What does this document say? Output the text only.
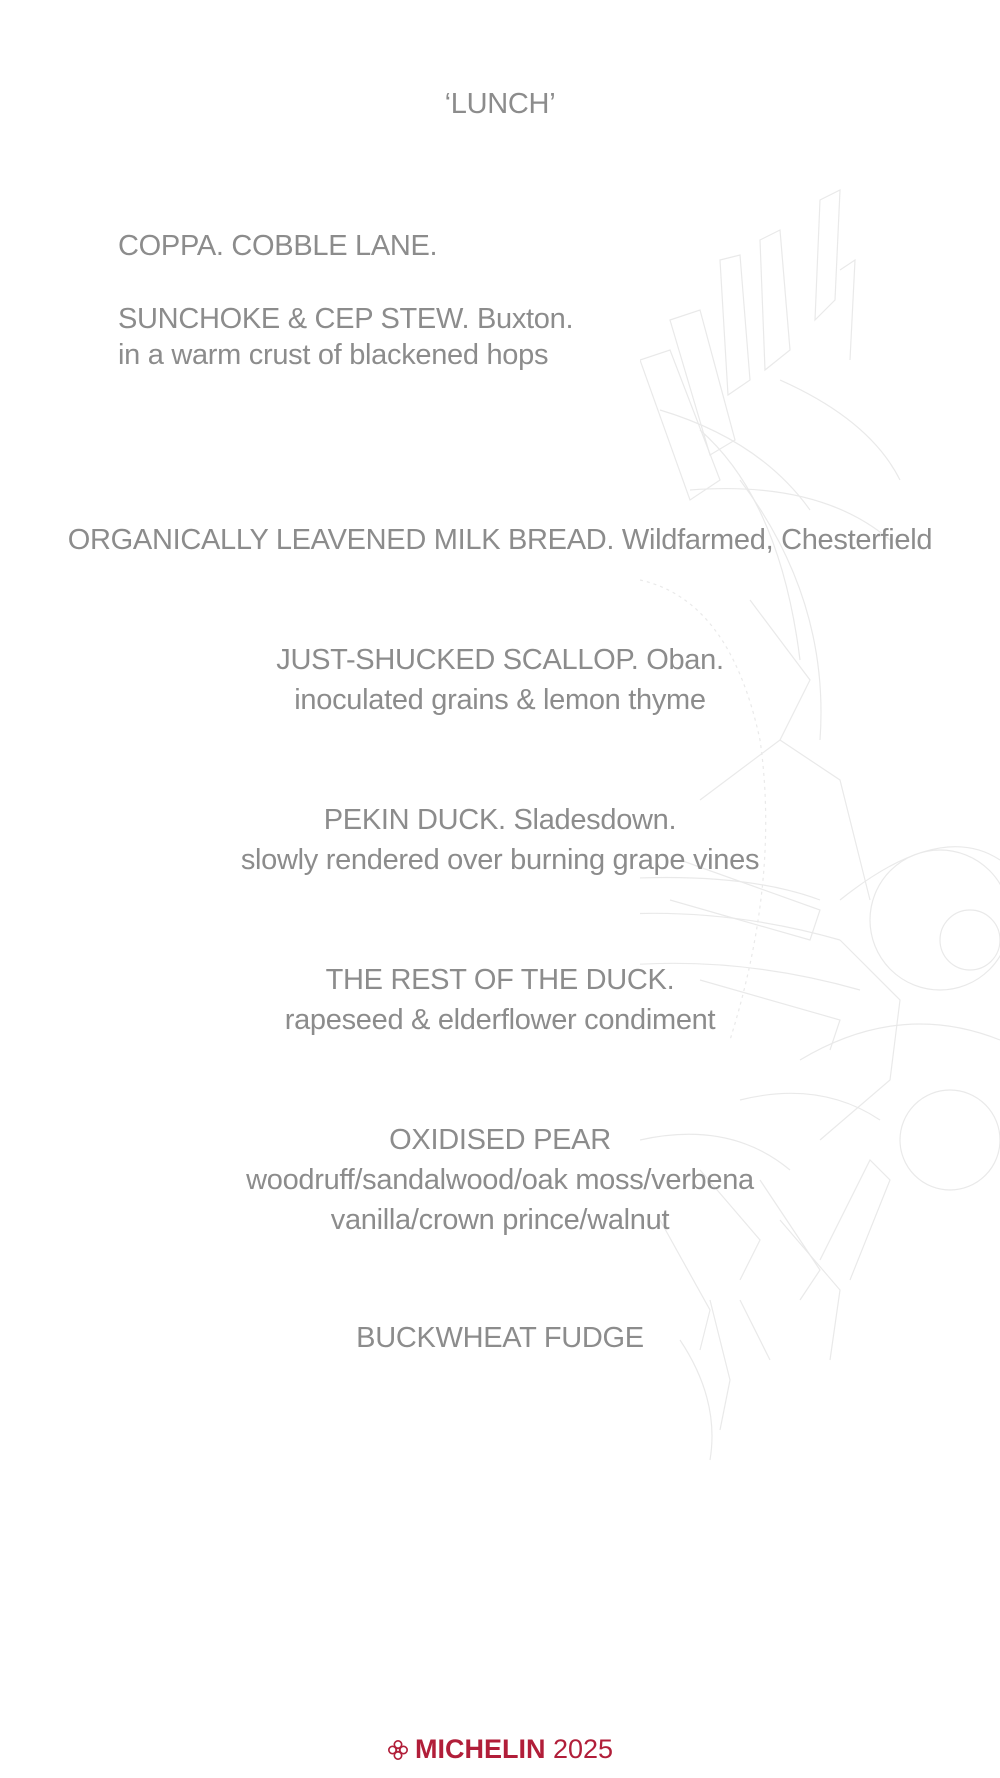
‘LUNCH’
COPPA. COBBLE LANE.
SUNCHOKE & CEP STEW. Buxton.
in a warm crust of blackened hops
ORGANICALLY LEAVENED MILK BREAD. Wildfarmed, Chesterfield
JUST-SHUCKED SCALLOP. Oban.
inoculated grains & lemon thyme
PEKIN DUCK. Sladesdown.
slowly rendered over burning grape vines
THE REST OF THE DUCK.
rapeseed & elderflower condiment
OXIDISED PEAR
woodruff/sandalwood/oak moss/verbena
vanilla/crown prince/walnut
BUCKWHEAT FUDGE
MICHELIN 2025
